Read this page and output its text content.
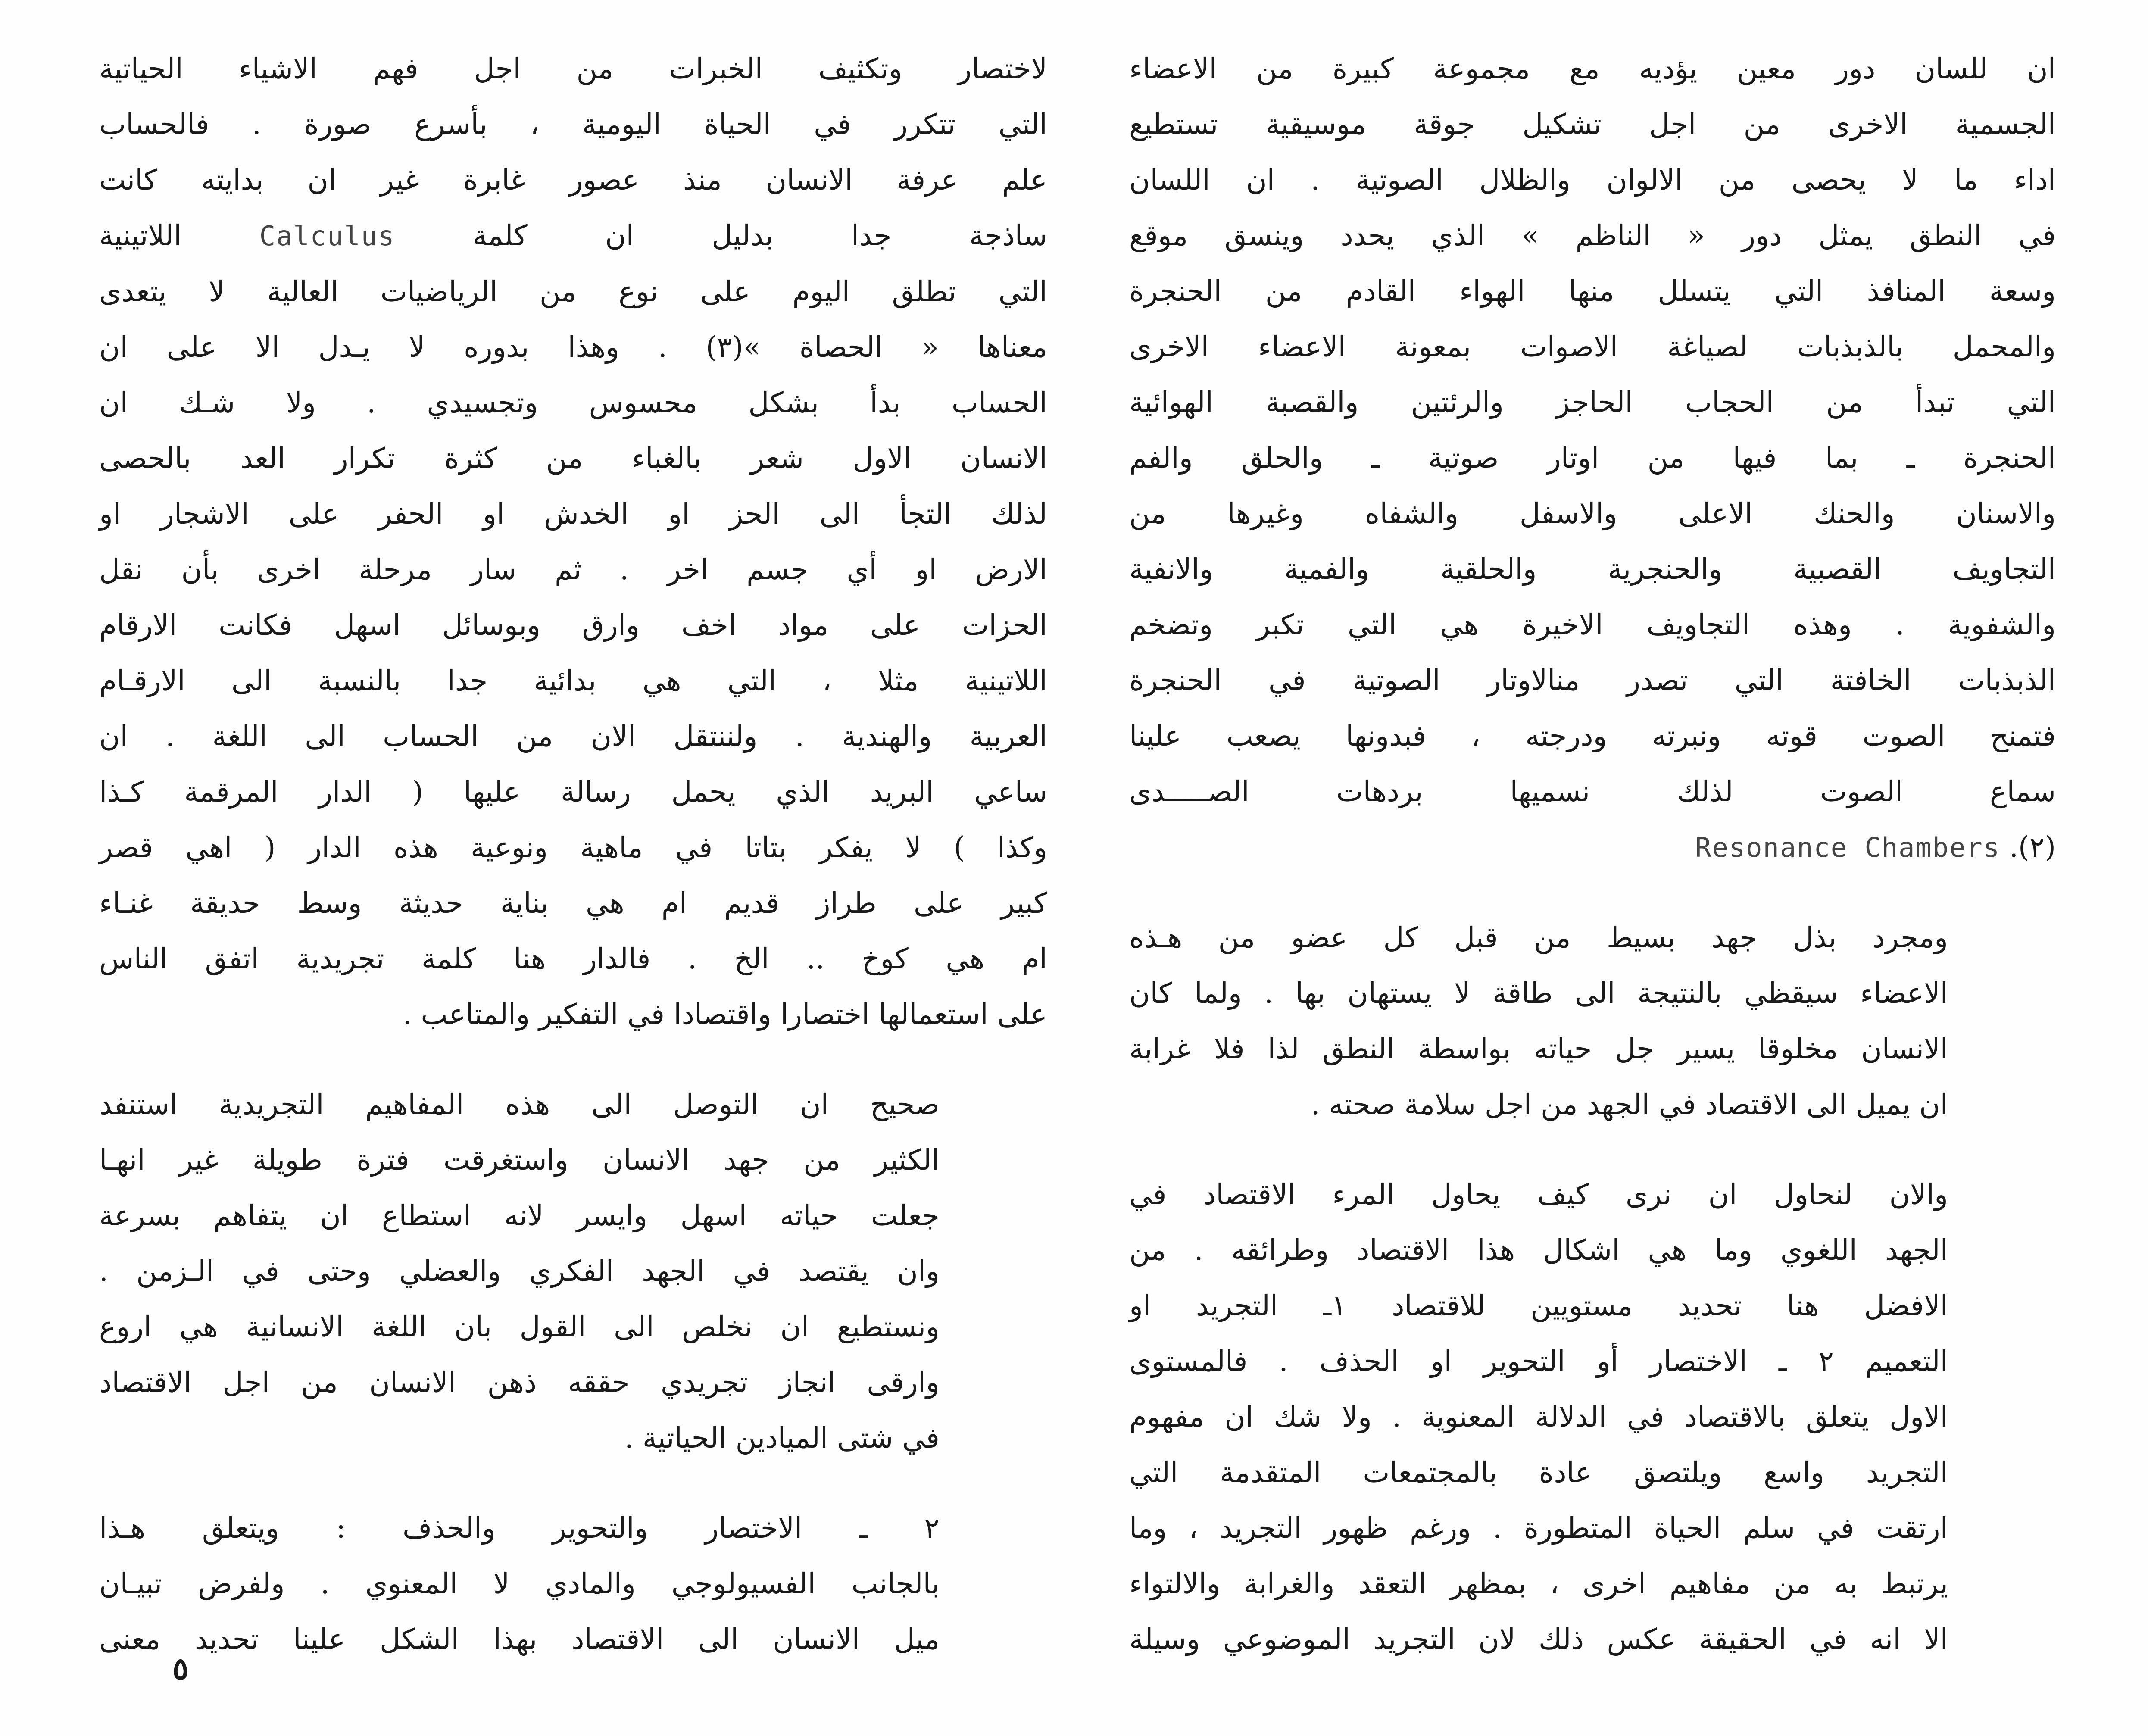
ان للسان دور معين يؤديه مع مجموعة كبيرة من الاعضاء
الجسمية الاخرى من اجل تشكيل جوقة موسيقية تستطيع
اداء ما لا يحصى من الالوان والظلال الصوتية . ان اللسان
في النطق يمثل دور « الناظم » الذي يحدد وينسق موقع
وسعة المنافذ التي يتسلل منها الهواء القادم من الحنجرة
والمحمل بالذبذبات لصياغة الاصوات بمعونة الاعضاء الاخرى
التي تبدأ من الحجاب الحاجز والرئتين والقصبة الهوائية
الحنجرة ـ بما فيها من اوتار صوتية ـ والحلق والفم
والاسنان والحنك الاعلى والاسفل والشفاه وغيرها من
التجاويف القصبية والحنجرية والحلقية والفمية والانفية
والشفوية . وهذه التجاويف الاخيرة هي التي تكبر وتضخم
الذبذبات الخافتة التي تصدر منالاوتار الصوتية في الحنجرة
فتمنح الصوت قوته ونبرته ودرجته ، فبدونها يصعب علينا
سماع الصوت لذلك نسميها بردهات الصـــــدى
(٢). Resonance Chambers
ومجرد بذل جهد بسيط من قبل كل عضو من هـذه
الاعضاء سيقظي بالنتيجة الى طاقة لا يستهان بها . ولما كان
الانسان مخلوقا يسير جل حياته بواسطة النطق لذا فلا غرابة
ان يميل الى الاقتصاد في الجهد من اجل سلامة صحته .
والان لنحاول ان نرى كيف يحاول المرء الاقتصاد في
الجهد اللغوي وما هي اشكال هذا الاقتصاد وطرائقه . من
الافضل هنا تحديد مستويين للاقتصاد ١ـ التجريد او
التعميم ٢ ـ الاختصار أو التحوير او الحذف . فالمستوى
الاول يتعلق بالاقتصاد في الدلالة المعنوية . ولا شك ان مفهوم
التجريد واسع ويلتصق عادة بالمجتمعات المتقدمة التي
ارتقت في سلم الحياة المتطورة . ورغم ظهور التجريد ، وما
يرتبط به من مفاهيم اخرى ، بمظهر التعقد والغرابة والالتواء
الا انه في الحقيقة عكس ذلك لان التجريد الموضوعي وسيلة
لاختصار وتكثيف الخبرات من اجل فهم الاشياء الحياتية
التي تتكرر في الحياة اليومية ، بأسرع صورة . فالحساب
علم عرفة الانسان منذ عصور غابرة غير ان بدايته كانت
ساذجة جدا بدليل ان كلمة Calculus اللاتينية
التي تطلق اليوم على نوع من الرياضيات العالية لا يتعدى
معناها « الحصاة »(٣) . وهذا بدوره لا يـدل الا على ان
الحساب بدأ بشكل محسوس وتجسيدي . ولا شـك ان
الانسان الاول شعر بالغباء من كثرة تكرار العد بالحصى
لذلك التجأ الى الحز او الخدش او الحفر على الاشجار او
الارض او أي جسم اخر . ثم سار مرحلة اخرى بأن نقل
الحزات على مواد اخف وارق وبوسائل اسهل فكانت الارقام
اللاتينية مثلا ، التي هي بدائية جدا بالنسبة الى الارقـام
العربية والهندية . ولننتقل الان من الحساب الى اللغة . ان
ساعي البريد الذي يحمل رسالة عليها ( الدار المرقمة كـذا
وكذا ) لا يفكر بتاتا في ماهية ونوعية هذه الدار ( اهي قصر
كبير على طراز قديم ام هي بناية حديثة وسط حديقة غنـاء
ام هي كوخ .. الخ . فالدار هنا كلمة تجريدية اتفق الناس
على استعمالها اختصارا واقتصادا في التفكير والمتاعب .
صحيح ان التوصل الى هذه المفاهيم التجريدية استنفد
الكثير من جهد الانسان واستغرقت فترة طويلة غير انهـا
جعلت حياته اسهل وايسر لانه استطاع ان يتفاهم بسرعة
وان يقتصد في الجهد الفكري والعضلي وحتى في الـزمن .
ونستطيع ان نخلص الى القول بان اللغة الانسانية هي اروع
وارقى انجاز تجريدي حققه ذهن الانسان من اجل الاقتصاد
في شتى الميادين الحياتية .
٢ ـ الاختصار والتحوير والحذف : ويتعلق هـذا
بالجانب الفسيولوجي والمادي لا المعنوي . ولفرض تبيـان
ميل الانسان الى الاقتصاد بهذا الشكل علينا تحديد معنى
٥
